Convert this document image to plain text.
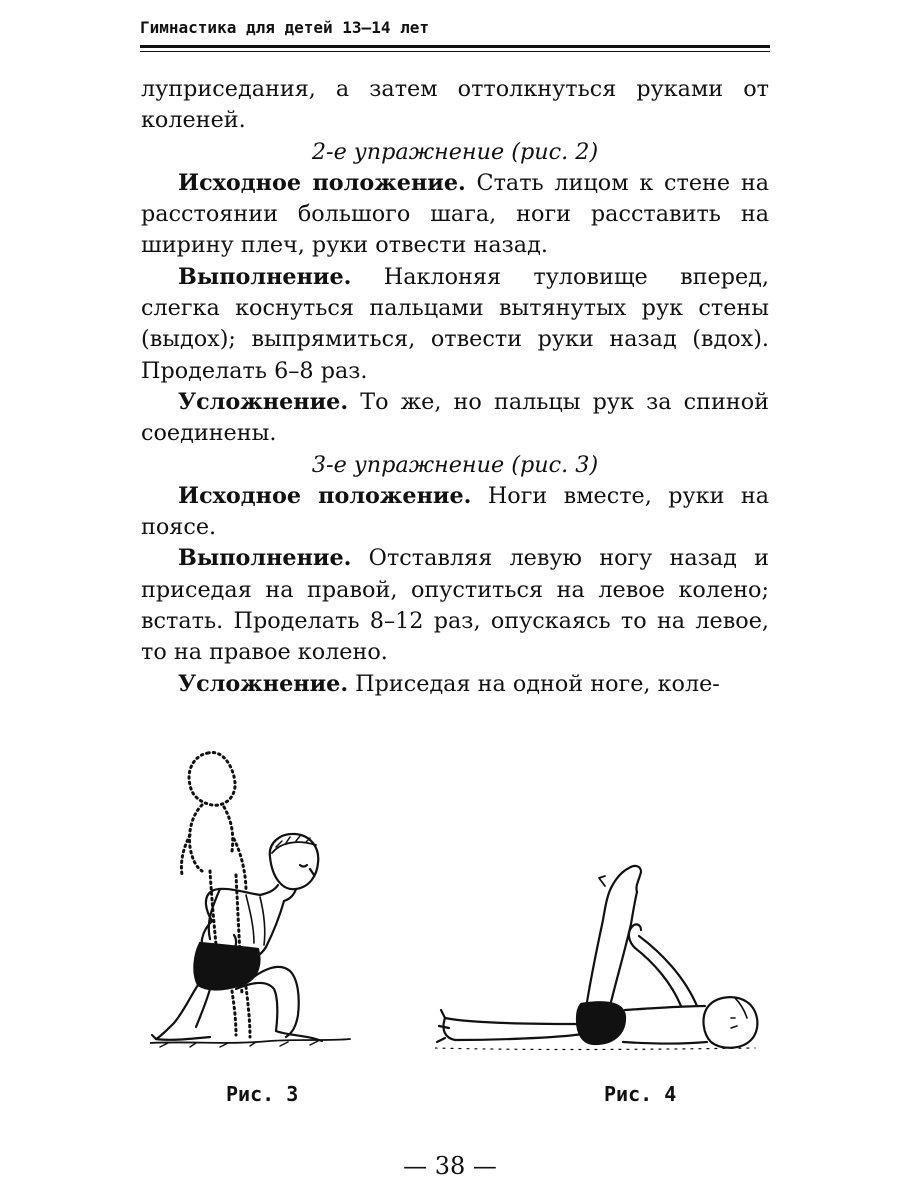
Гимнастика для детей 13–14 лет

луприседания, а затем оттолкнуться руками от коленей.

2-е упражнение (рис. 2)

Исходное положение. Стать лицом к стене на расстоянии большого шага, ноги расставить на ширину плеч, руки отвести назад.

Выполнение. Наклоняя туловище вперед, слегка коснуться пальцами вытянутых рук стены (выдох); выпрямиться, отвести руки назад (вдох). Проделать 6–8 раз.

Усложнение. То же, но пальцы рук за спиной соединены.

3-е упражнение (рис. 3)

Исходное положение. Ноги вместе, руки на поясе.

Выполнение. Отставляя левую ногу назад и приседая на правой, опуститься на левое колено; встать. Проделать 8–12 раз, опускаясь то на левое, то на правое колено.

Усложнение. Приседая на одной ноге, коле-

Рис. 3	Рис. 4
— 38 —
